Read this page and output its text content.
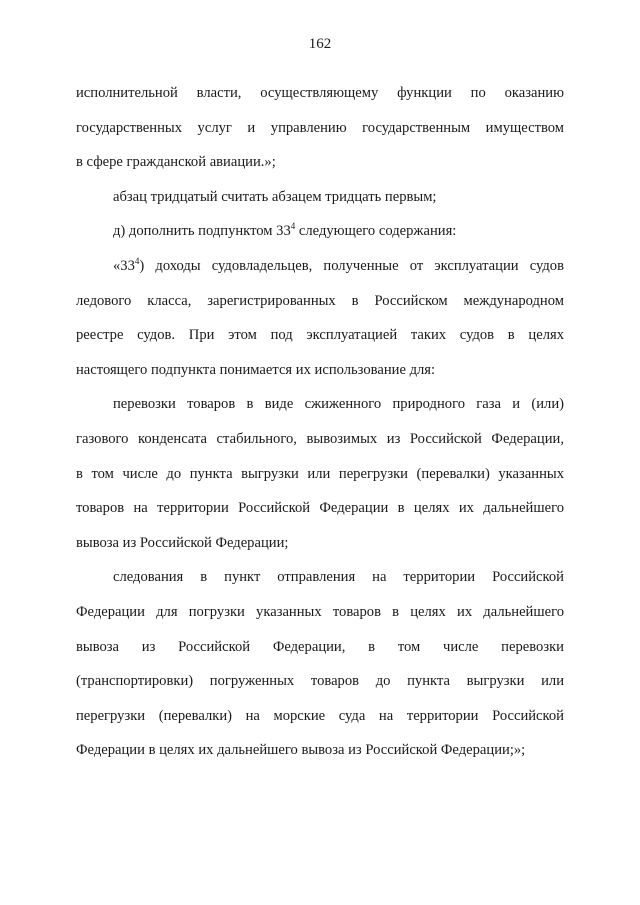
162
исполнительной власти, осуществляющему функции по оказанию
государственных услуг и управлению государственным имуществом
в сфере гражданской авиации.»;
абзац тридцатый считать абзацем тридцать первым;
д) дополнить подпунктом $33^4$ следующего содержания:
«$33^4$) доходы судовладельцев, полученные от эксплуатации судов
ледового класса, зарегистрированных в Российском международном
реестре судов. При этом под эксплуатацией таких судов в целях
настоящего подпункта понимается их использование для:
перевозки товаров в виде сжиженного природного газа и (или)
газового конденсата стабильного, вывозимых из Российской Федерации,
в том числе до пункта выгрузки или перегрузки (перевалки) указанных
товаров на территории Российской Федерации в целях их дальнейшего
вывоза из Российской Федерации;
следования в пункт отправления на территории Российской
Федерации для погрузки указанных товаров в целях их дальнейшего
вывоза из Российской Федерации, в том числе перевозки
(транспортировки) погруженных товаров до пункта выгрузки или
перегрузки (перевалки) на морские суда на территории Российской
Федерации в целях их дальнейшего вывоза из Российской Федерации;»;
